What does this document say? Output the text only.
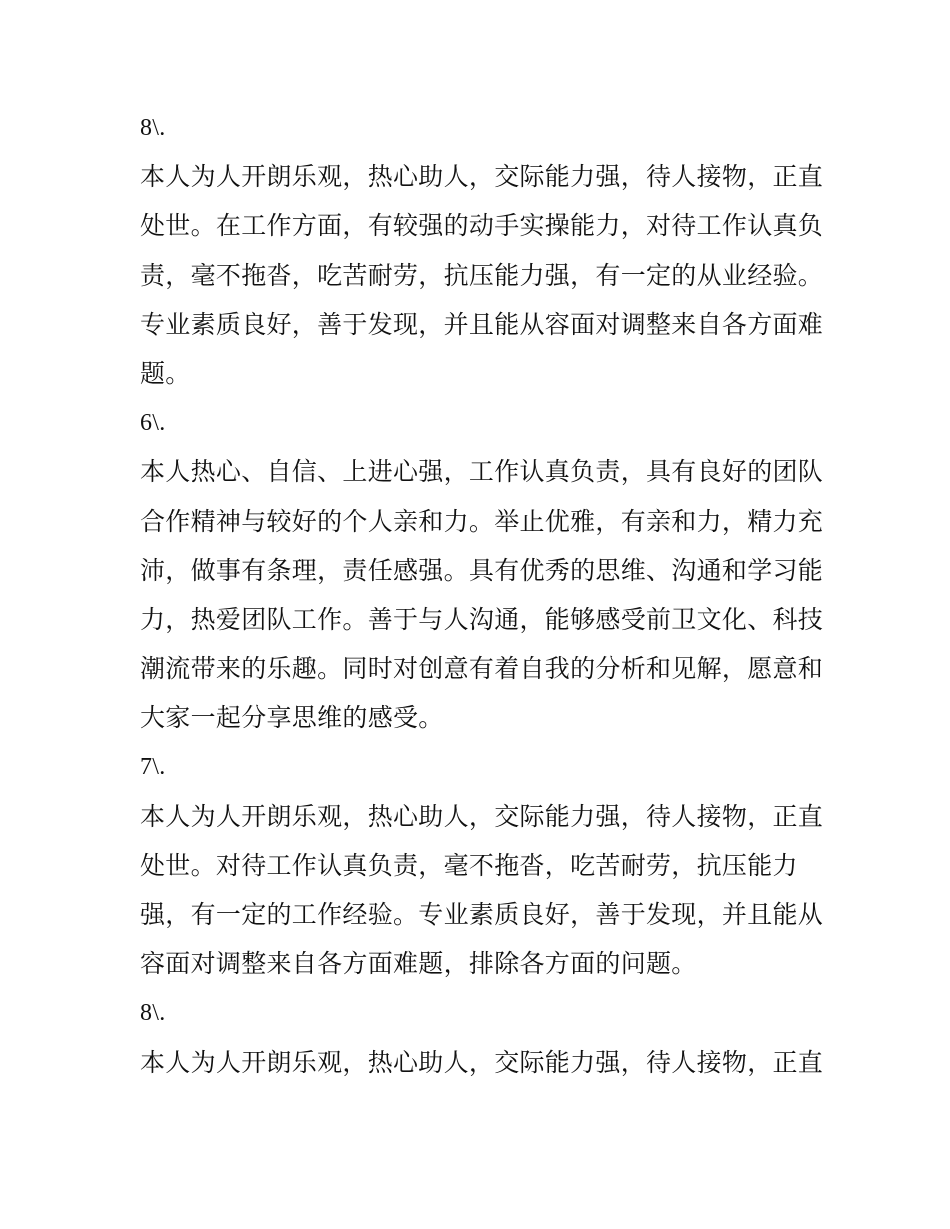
8\.
本人为人开朗乐观，热心助人，交际能力强，待人接物，正直
处世。在工作方面，有较强的动手实操能力，对待工作认真负
责，毫不拖沓，吃苦耐劳，抗压能力强，有一定的从业经验。
专业素质良好，善于发现，并且能从容面对调整来自各方面难
题。
6\.
本人热心、自信、上进心强，工作认真负责，具有良好的团队
合作精神与较好的个人亲和力。举止优雅，有亲和力，精力充
沛，做事有条理，责任感强。具有优秀的思维、沟通和学习能
力，热爱团队工作。善于与人沟通，能够感受前卫文化、科技
潮流带来的乐趣。同时对创意有着自我的分析和见解，愿意和
大家一起分享思维的感受。
7\.
本人为人开朗乐观，热心助人，交际能力强，待人接物，正直
处世。对待工作认真负责，毫不拖沓，吃苦耐劳，抗压能力
强，有一定的工作经验。专业素质良好，善于发现，并且能从
容面对调整来自各方面难题，排除各方面的问题。
8\.
本人为人开朗乐观，热心助人，交际能力强，待人接物，正直
